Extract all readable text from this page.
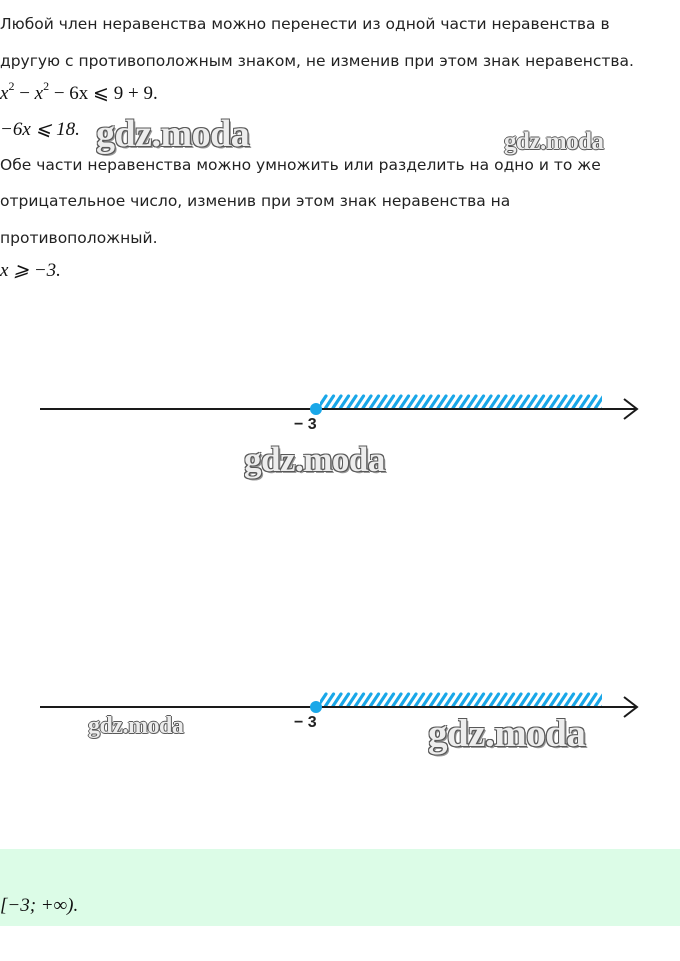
Любой член неравенства можно перенести из одной части неравенства в

другую с противоположным знаком, не изменив при этом знак неравенства.

$x^2 - x^2 - 6x$ ⩽ 9 + 9.
−6x ⩽ 18.

Обе части неравенства можно умножить или разделить на одно и то же

отрицательное число, изменив при этом знак неравенства на

противоположный.

x ⩾ −3.
− 3
− 3
gdz.moda	gdz.moda
gdz.moda
gdz.moda	gdz.moda
[−3; +∞).
